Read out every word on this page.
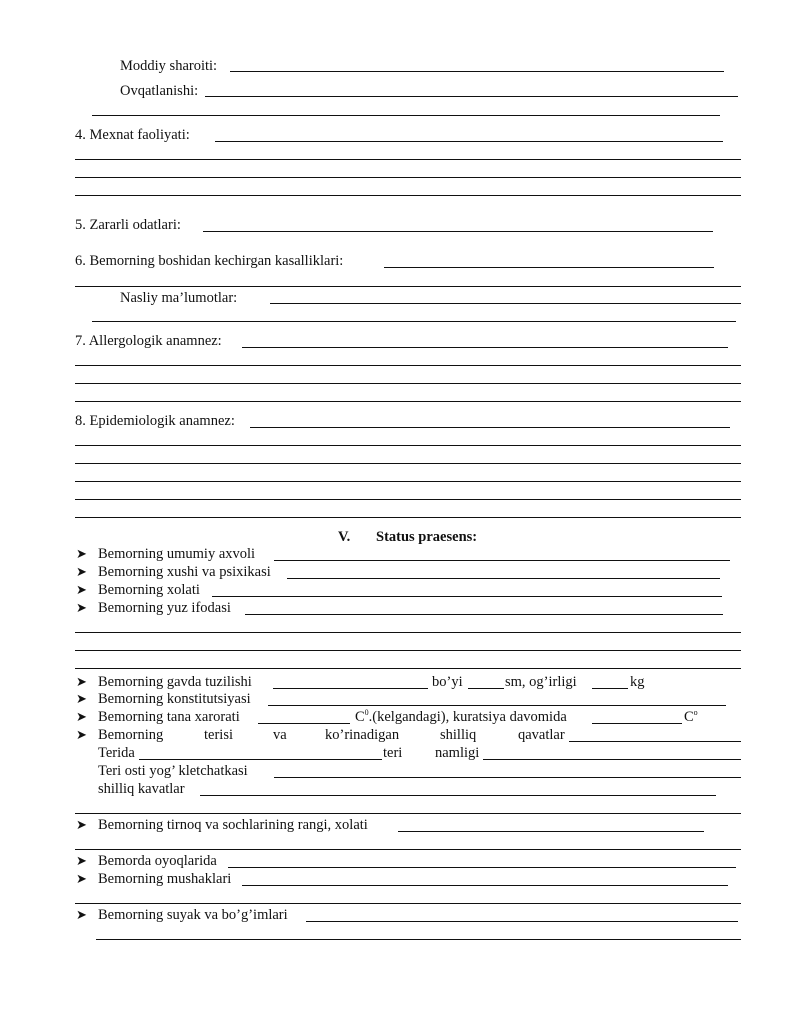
Moddiy sharoiti:
Ovqatlanishi:
4. Mexnat faoliyati:
5. Zararli odatlari:
6. Bemorning boshidan kechirgan kasalliklari:
Nasliy ma’lumotlar:
7. Allergologik anamnez:
8. Epidemiologik anamnez:
V. Status praesens:
➤ Bemorning umumiy axvoli
➤ Bemorning xushi va psixikasi
➤ Bemorning xolati
➤ Bemorning yuz ifodasi
➤ Bemorning gavda tuzilishi	bo’yi	sm, og’irligi	kg
➤ Bemorning konstitutsiyasi
➤ Bemorning tana xarorati	$C^0.(kelgandagi)$, kuratsiya davomida	$C^o$
➤ Bemorning	terisi	va	ko’rinadigan	shilliq	qavatlar
Terida	teri namligi
Teri osti yog’ kletchatkasi
shilliq kavatlar
➤ Bemorning tirnoq va sochlarining rangi, xolati
➤ Bemorda oyoqlarida
➤ Bemorning mushaklari
➤ Bemorning suyak va bo’g’imlari
